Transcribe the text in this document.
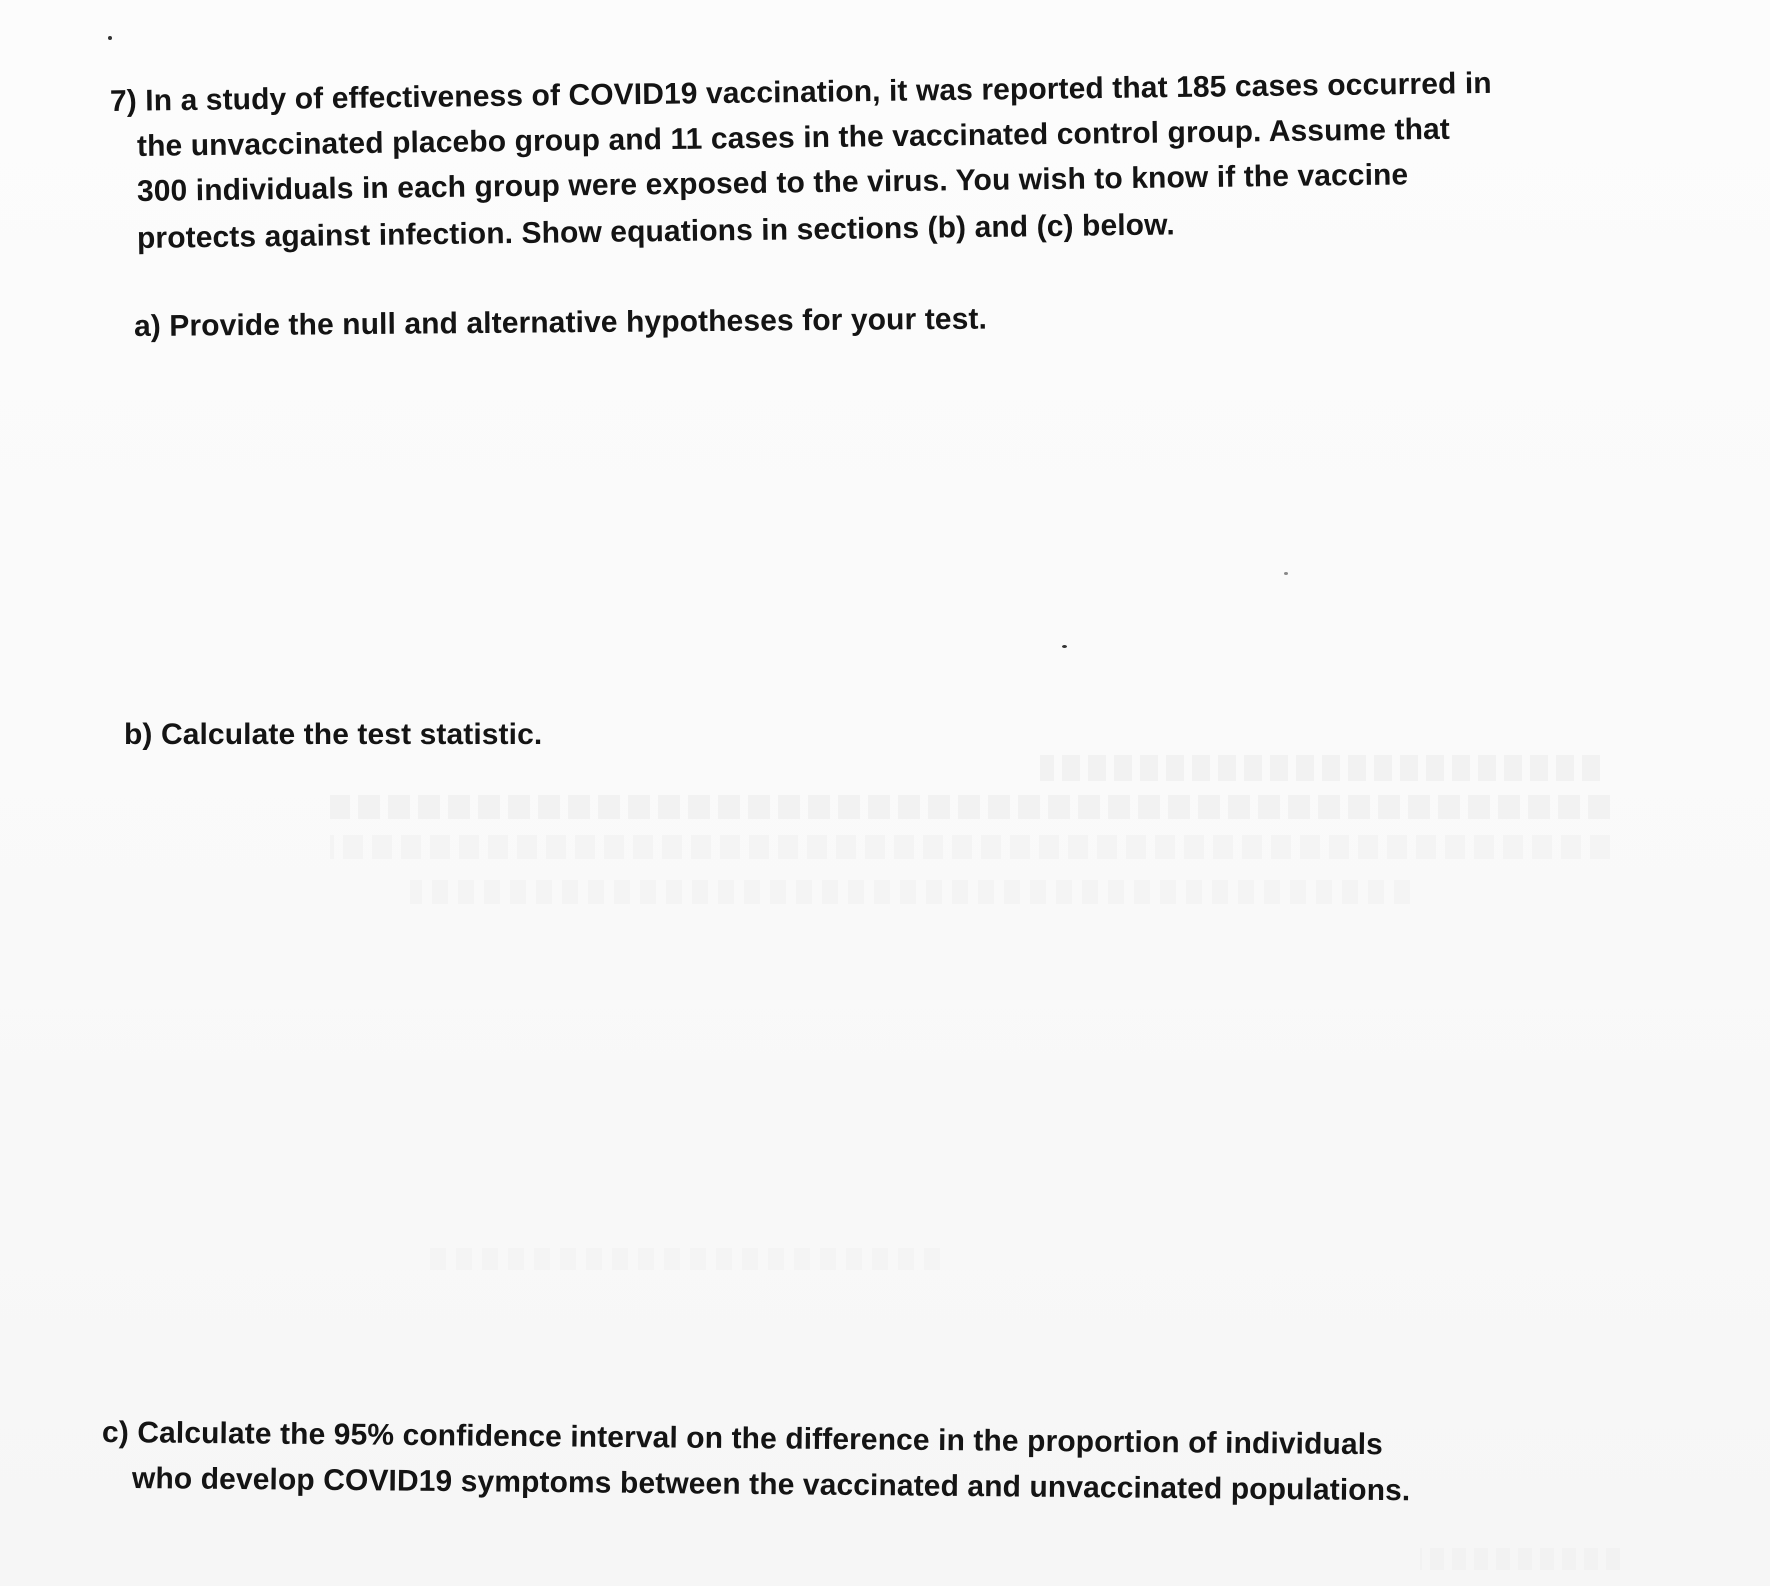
7) In a study of effectiveness of COVID19 vaccination, it was reported that 185 cases occurred in
the unvaccinated placebo group and 11 cases in the vaccinated control group. Assume that
300 individuals in each group were exposed to the virus. You wish to know if the vaccine
protects against infection. Show equations in sections (b) and (c) below.
a) Provide the null and alternative hypotheses for your test.
b) Calculate the test statistic.
c) Calculate the 95% confidence interval on the difference in the proportion of individuals
who develop COVID19 symptoms between the vaccinated and unvaccinated populations.
